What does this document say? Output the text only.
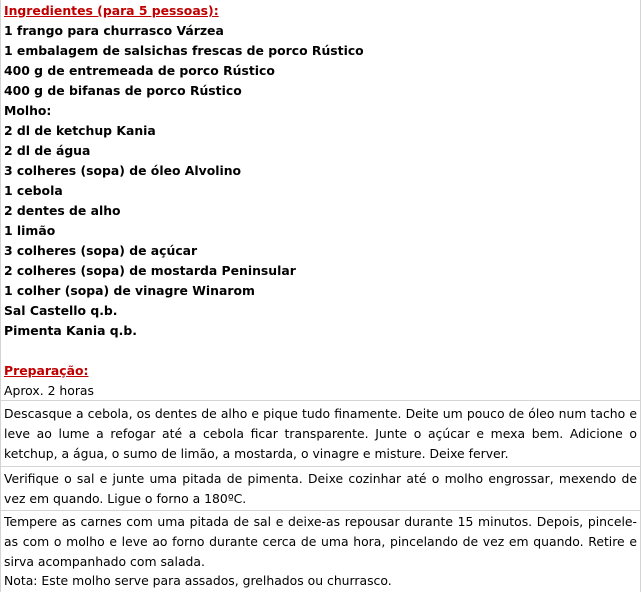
Ingredientes (para 5 pessoas):
1 frango para churrasco Várzea
1 embalagem de salsichas frescas de porco Rústico
400 g de entremeada de porco Rústico
400 g de bifanas de porco Rústico
Molho:
2 dl de ketchup Kania
2 dl de água
3 colheres (sopa) de óleo Alvolino
1 cebola
2 dentes de alho
1 limão
3 colheres (sopa) de açúcar
2 colheres (sopa) de mostarda Peninsular
1 colher (sopa) de vinagre Winarom
Sal Castello q.b.
Pimenta Kania q.b.
Preparação:
Aprox. 2 horas
Descasque a cebola, os dentes de alho e pique tudo finamente. Deite um pouco de óleo num tacho e leve ao lume a refogar até a cebola ficar transparente. Junte o açúcar e mexa bem. Adicione o ketchup, a água, o sumo de limão, a mostarda, o vinagre e misture. Deixe ferver.
Verifique o sal e junte uma pitada de pimenta. Deixe cozinhar até o molho engrossar, mexendo de vez em quando. Ligue o forno a 180ºC.
Tempere as carnes com uma pitada de sal e deixe-as repousar durante 15 minutos. Depois, pincele-as com o molho e leve ao forno durante cerca de uma hora, pincelando de vez em quando. Retire e sirva acompanhado com salada.
Nota: Este molho serve para assados, grelhados ou churrasco.
